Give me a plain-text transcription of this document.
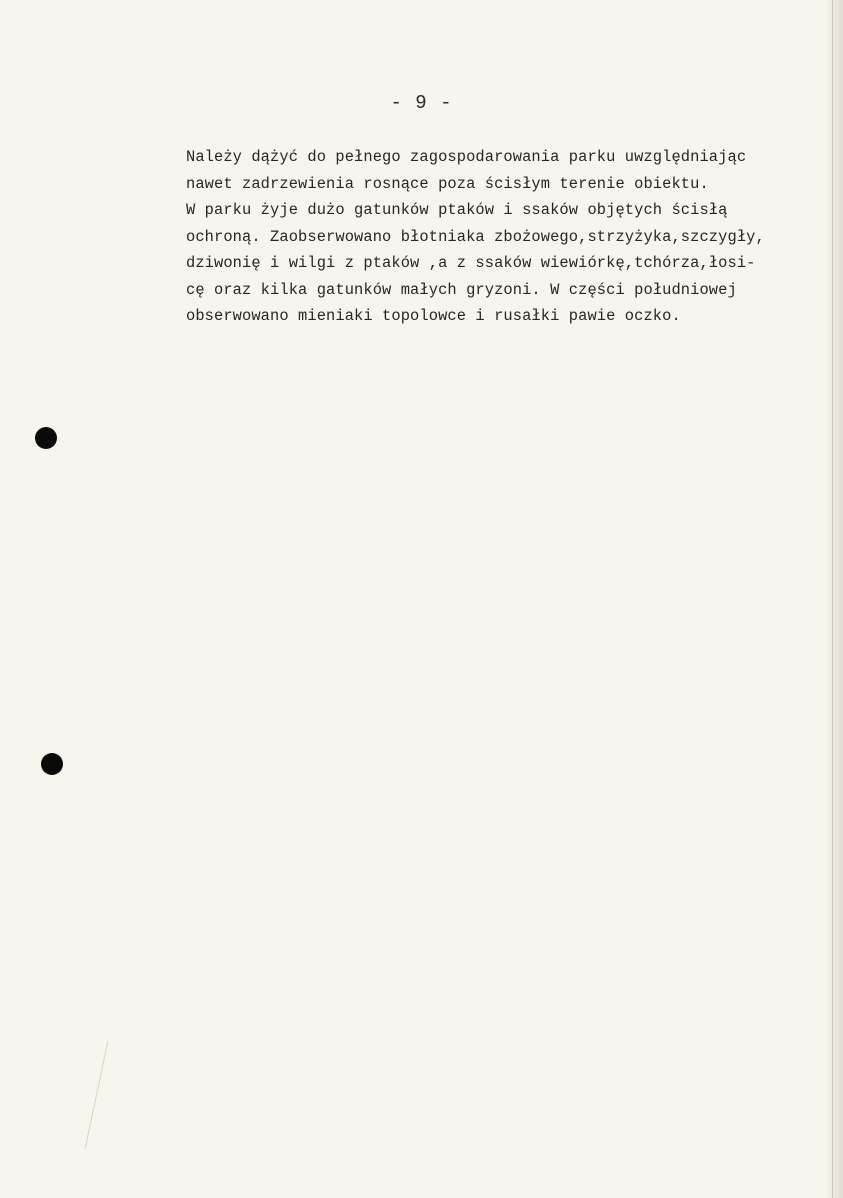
- 9 -

Należy dążyć do pełnego zagospodarowania parku uwzględniając
nawet zadrzewienia rosnące poza ścisłym terenie obiektu.
W parku żyje dużo gatunków ptaków i ssaków objętych ścisłą
ochroną. Zaobserwowano błotniaka zbożowego,strzyżyka,szczygły,
dziwonię i wilgi z ptaków ,a z ssaków wiewiórkę,tchórza,łosi-
cę oraz kilka gatunków małych gryzoni. W części południowej
obserwowano mieniaki topolowce i rusałki pawie oczko.
